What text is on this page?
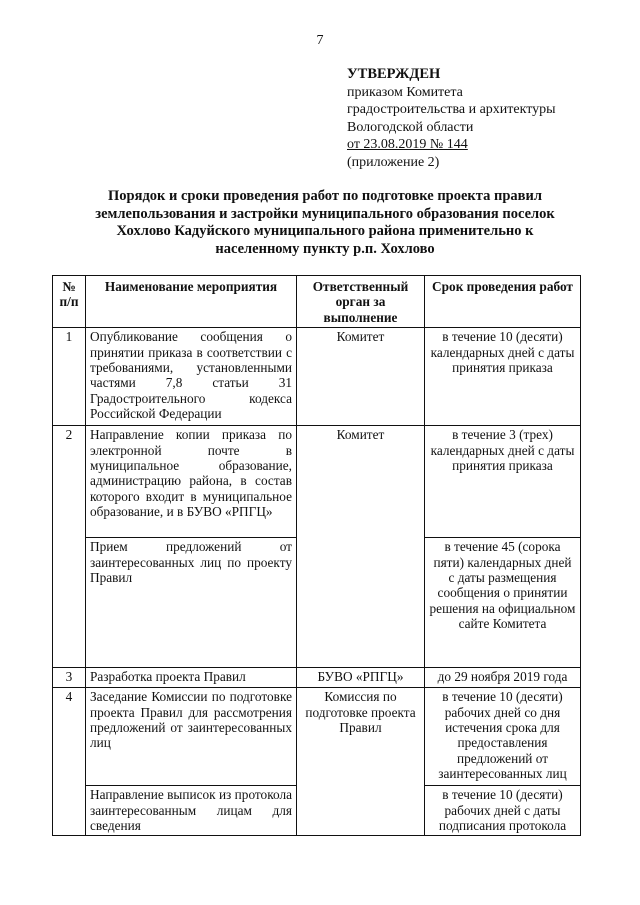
7
УТВЕРЖДЕН
приказом Комитета
градостроительства и архитектуры
Вологодской области
от 23.08.2019 № 144
(приложение 2)
Порядок и сроки проведения работ по подготовке проекта правил
землепользования и застройки муниципального образования поселок
Хохлово Кадуйского муниципального района применительно к
населенному пункту р.п. Хохлово
№ п/п	Наименование мероприятия	Ответственный орган за выполнение	Срок проведения работ
1	Опубликование сообщения о принятии приказа в соответствии с требованиями, установленными частями 7,8 статьи 31 Градостроительного кодекса Российской Федерации	Комитет	в течение 10 (десяти) календарных дней с даты принятия приказа
2	Направление копии приказа по электронной почте в муниципальное образование, администрацию района, в состав которого входит в муниципальное образование, и в БУВО «РПГЦ»	Комитет	в течение 3 (трех) календарных дней с даты принятия приказа
	Прием предложений от заинтересованных лиц по проекту Правил		в течение 45 (сорока пяти) календарных дней с даты размещения сообщения о принятии решения на официальном сайте Комитета
3	Разработка проекта Правил	БУВО «РПГЦ»	до 29 ноября 2019 года
4	Заседание Комиссии по подготовке проекта Правил для рассмотрения предложений от заинтересованных лиц	Комиссия по подготовке проекта Правил	в течение 10 (десяти) рабочих дней со дня истечения срока для предоставления предложений от заинтересованных лиц
	Направление выписок из протокола заинтересованным лицам для сведения		в течение 10 (десяти) рабочих дней с даты подписания протокола
